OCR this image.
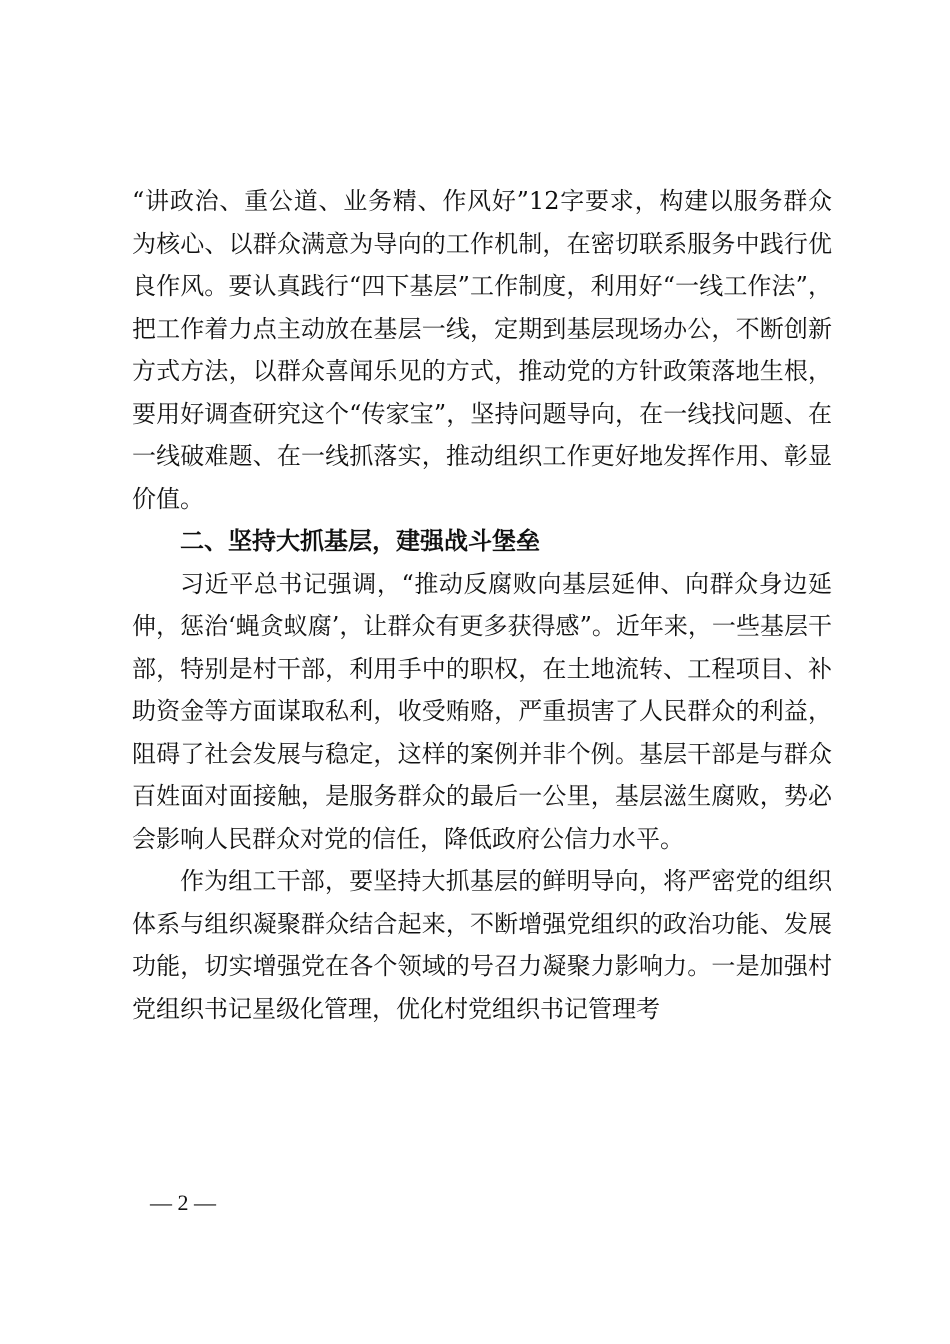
“讲政治、重公道、业务精、作风好”12字要求，构建以服务群众为核心、以群众满意为导向的工作机制，在密切联系服务中践行优良作风。要认真践行“四下基层”工作制度，利用好“一线工作法”，把工作着力点主动放在基层一线，定期到基层现场办公，不断创新方式方法，以群众喜闻乐见的方式，推动党的方针政策落地生根，要用好调查研究这个“传家宝”，坚持问题导向，在一线找问题、在一线破难题、在一线抓落实，推动组织工作更好地发挥作用、彰显价值。

二、坚持大抓基层，建强战斗堡垒

习近平总书记强调，“推动反腐败向基层延伸、向群众身边延伸，惩治‘蝇贪蚁腐’，让群众有更多获得感”。近年来，一些基层干部，特别是村干部，利用手中的职权，在土地流转、工程项目、补助资金等方面谋取私利，收受贿赂，严重损害了人民群众的利益，阻碍了社会发展与稳定，这样的案例并非个例。基层干部是与群众百姓面对面接触，是服务群众的最后一公里，基层滋生腐败，势必会影响人民群众对党的信任，降低政府公信力水平。

作为组工干部，要坚持大抓基层的鲜明导向，将严密党的组织体系与组织凝聚群众结合起来，不断增强党组织的政治功能、发展功能，切实增强党在各个领域的号召力凝聚力影响力。一是加强村党组织书记星级化管理，优化村党组织书记管理考

— 2 —
